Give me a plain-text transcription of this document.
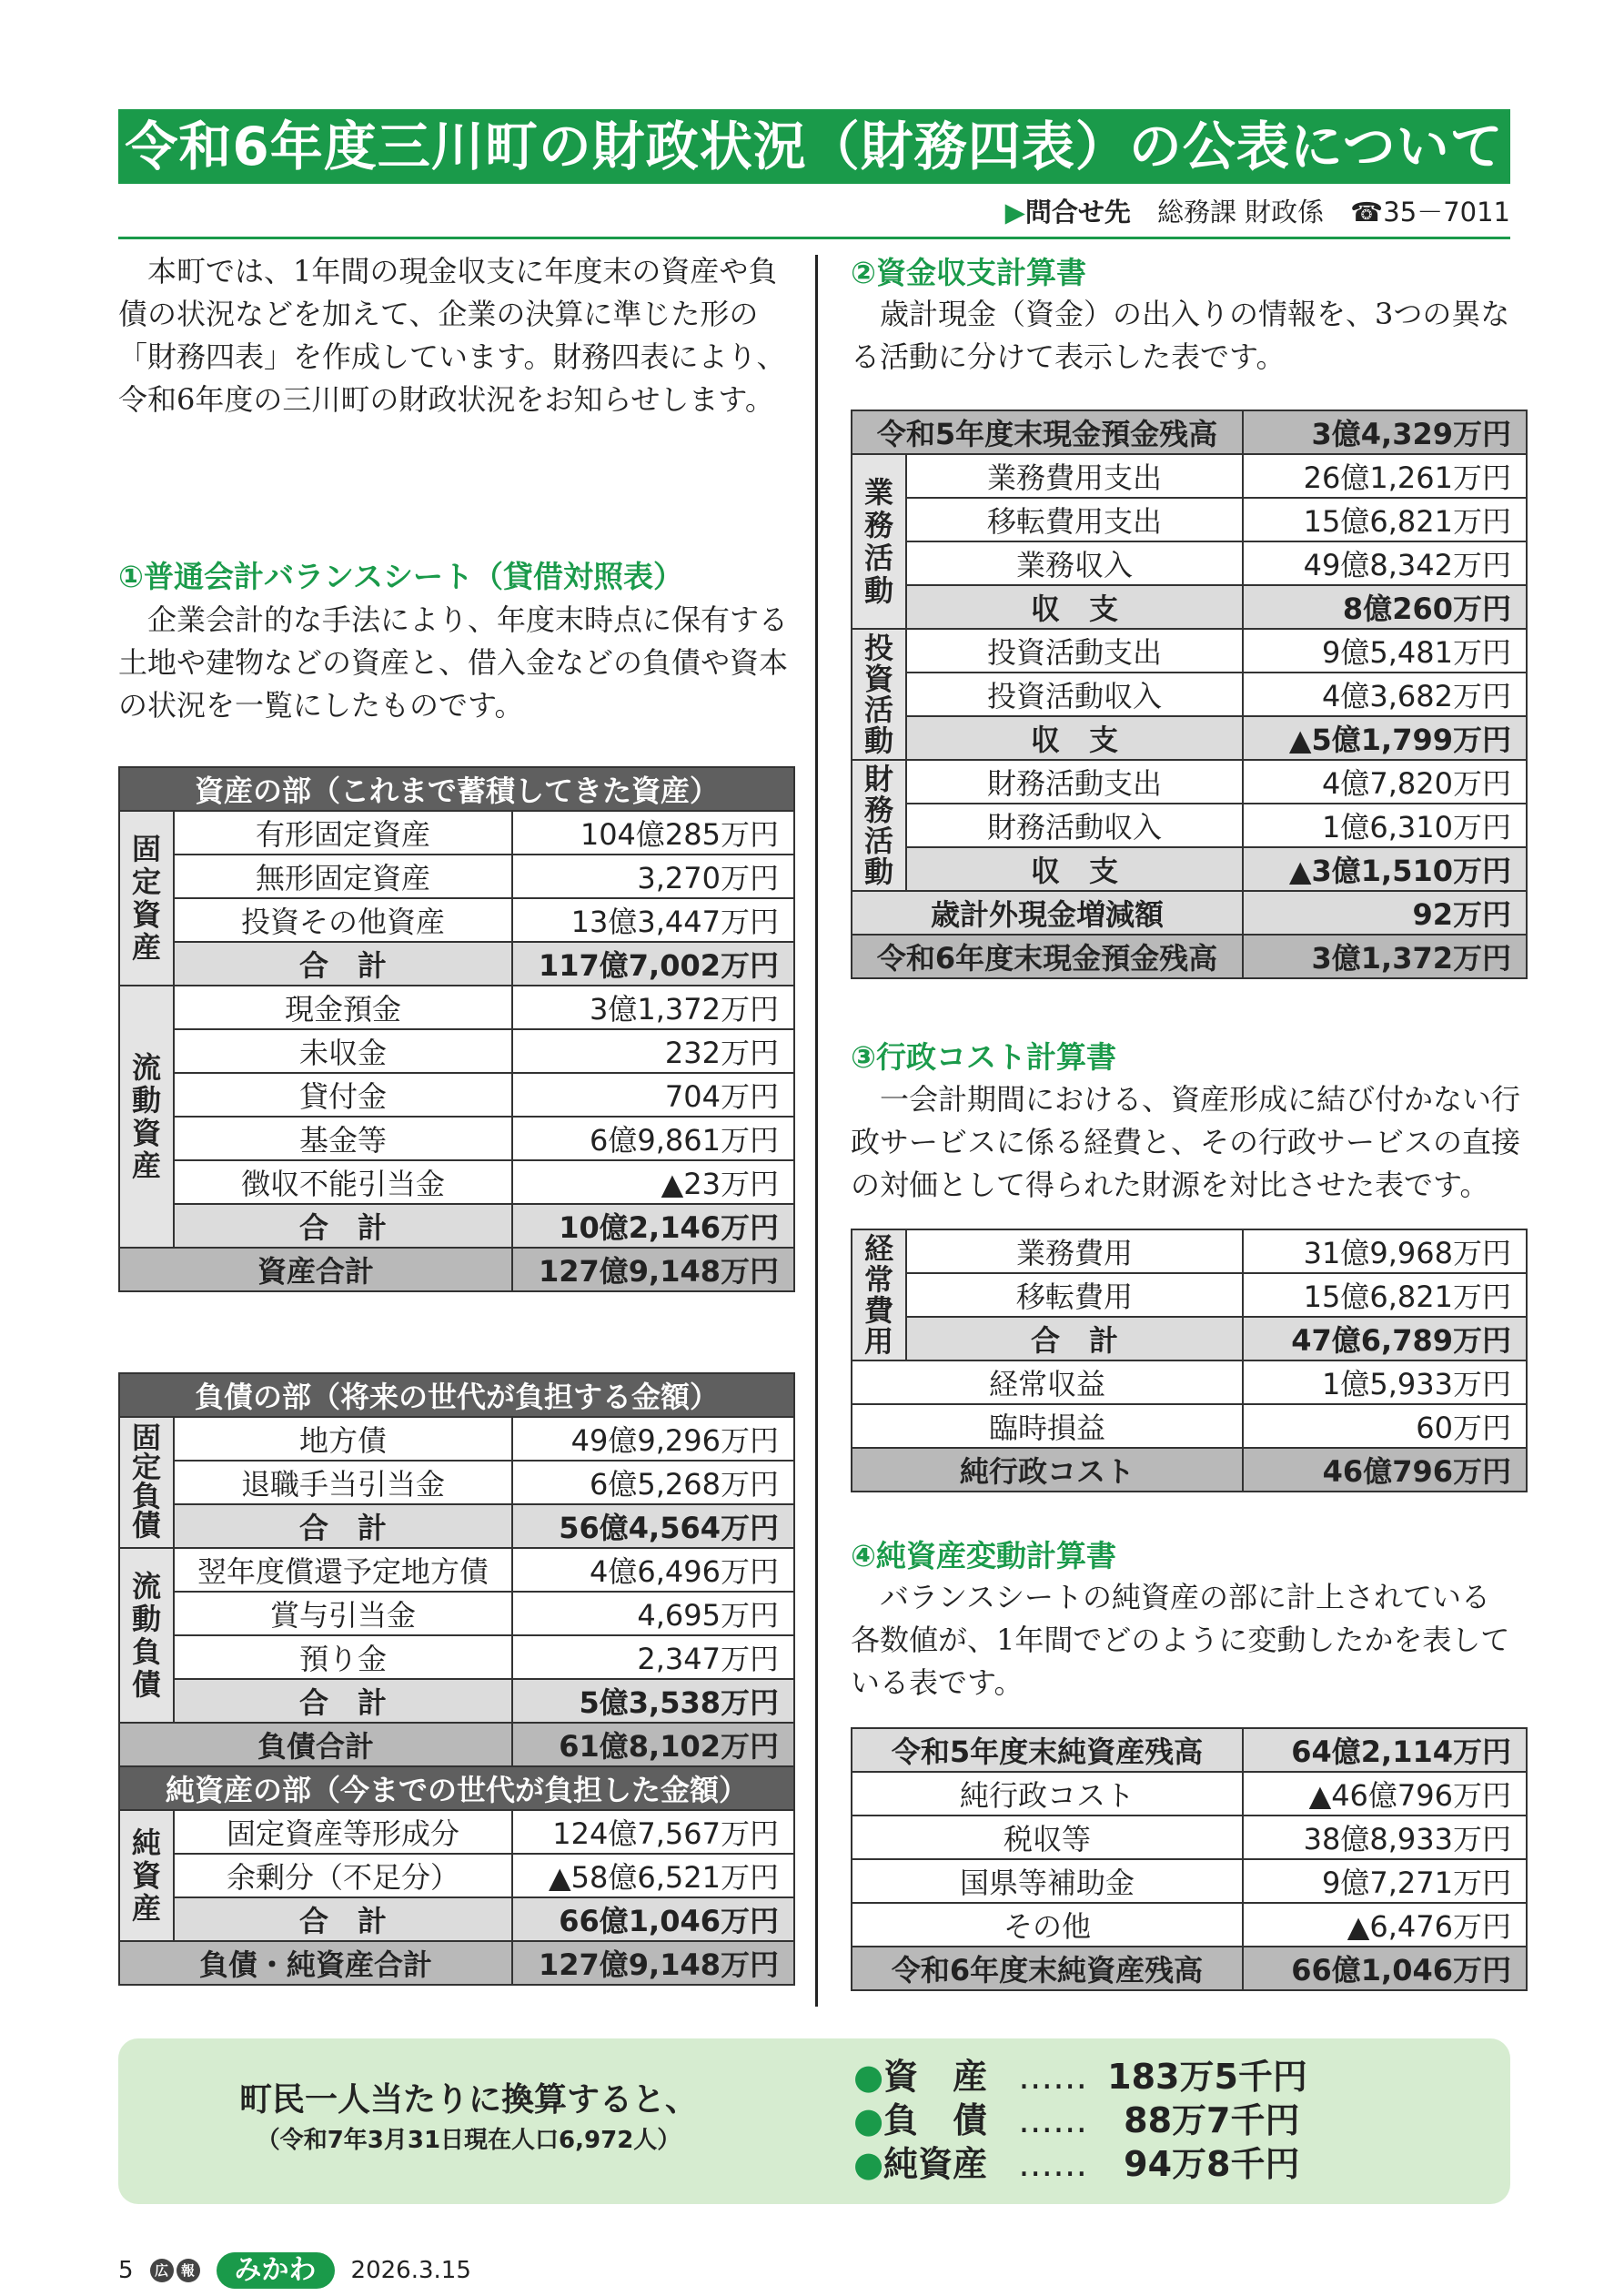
令和6年度三川町の財政状況（財務四表）の公表について
▶問合せ先　 総務課 財政係　 ☎35－7011

本町では、1年間の現金収支に年度末の資産や負債の状況などを加えて、企業の決算に準じた形の「財務四表」を作成しています。財務四表により、令和6年度の三川町の財政状況をお知らせします。

①普通会計バランスシート（貸借対照表）

企業会計的な手法により、年度末時点に保有する土地や建物などの資産と、借入金などの負債や資本の状況を一覧にしたものです。

資産の部（これまで蓄積してきた資産）		
固定資産	有形固定資産	104億285万円
	無形固定資産	3,270万円
	投資その他資産	13億3,447万円
	合　計	117億7,002万円
流動資産	現金預金	3億1,372万円
	未収金	232万円
	貸付金	704万円
	基金等	6億9,861万円
	徴収不能引当金	▲23万円
	合　計	10億2,146万円
資産合計		127億9,148万円
負債の部（将来の世代が負担する金額）		
固定負債	地方債	49億9,296万円
	退職手当引当金	6億5,268万円
	合　計	56億4,564万円
流動負債	翌年度償還予定地方債	4億6,496万円
	賞与引当金	4,695万円
	預り金	2,347万円
	合　計	5億3,538万円
負債合計		61億8,102万円
純資産の部（今までの世代が負担した金額）		
純資産	固定資産等形成分	124億7,567万円
	余剰分（不足分）	▲58億6,521万円
	合　計	66億1,046万円
負債・純資産合計		127億9,148万円
②資金収支計算書

歳計現金（資金）の出入りの情報を、3つの異なる活動に分けて表示した表です。

令和5年度末現金預金残高		3億4,329万円
業務活動	業務費用支出	26億1,261万円
	移転費用支出	15億6,821万円
	業務収入	49億8,342万円
	収　支	8億260万円
投資活動	投資活動支出	9億5,481万円
	投資活動収入	4億3,682万円
	収　支	▲5億1,799万円
財務活動	財務活動支出	4億7,820万円
	財務活動収入	1億6,310万円
	収　支	▲3億1,510万円
歳計外現金増減額		92万円
令和6年度末現金預金残高		3億1,372万円
③行政コスト計算書

一会計期間における、資産形成に結び付かない行政サービスに係る経費と、その行政サービスの直接の対価として得られた財源を対比させた表です。

経常費用	業務費用	31億9,968万円
	移転費用	15億6,821万円
	合　計	47億6,789万円
経常収益		1億5,933万円
臨時損益		60万円
純行政コスト		46億796万円
④純資産変動計算書

バランスシートの純資産の部に計上されている各数値が、1年間でどのように変動したかを表している表です。

令和5年度末純資産残高	64億2,114万円
純行政コスト	▲46億796万円
税収等	38億8,933万円
国県等補助金	9億7,271万円
その他	▲6,476万円
令和6年度末純資産残高	66億1,046万円
町民一人当たりに換算すると、
（令和7年3月31日現在人口6,972人）
●資　産 …… 183万5千円
●負　債 …… 88万7千円
●純資産 …… 94万8千円
5	広 報	みかわ	2026.3.15
